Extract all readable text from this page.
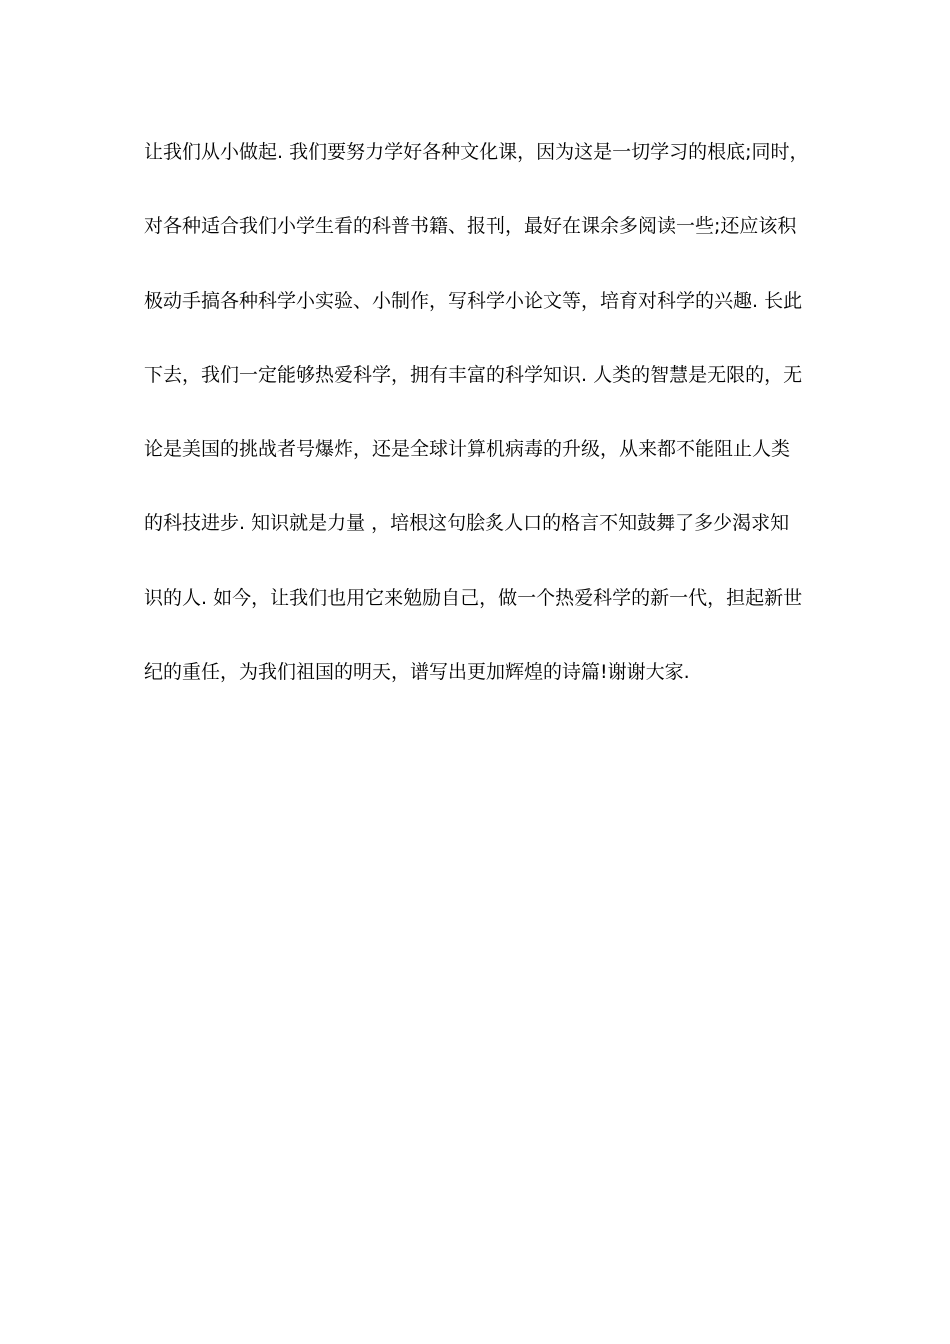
让我们从小做起. 我们要努力学好各种文化课，因为这是一切学习的根底;同时，
对各种适合我们小学生看的科普书籍、报刊，最好在课余多阅读一些;还应该积
极动手搞各种科学小实验、小制作，写科学小论文等，培育对科学的兴趣. 长此
下去，我们一定能够热爱科学，拥有丰富的科学知识. 人类的智慧是无限的，无
论是美国的挑战者号爆炸，还是全球计算机病毒的升级，从来都不能阻止人类
的科技进步. 知识就是力量 ，培根这句脍炙人口的格言不知鼓舞了多少渴求知
识的人. 如今，让我们也用它来勉励自己，做一个热爱科学的新一代，担起新世
纪的重任，为我们祖国的明天，谱写出更加辉煌的诗篇!谢谢大家.
